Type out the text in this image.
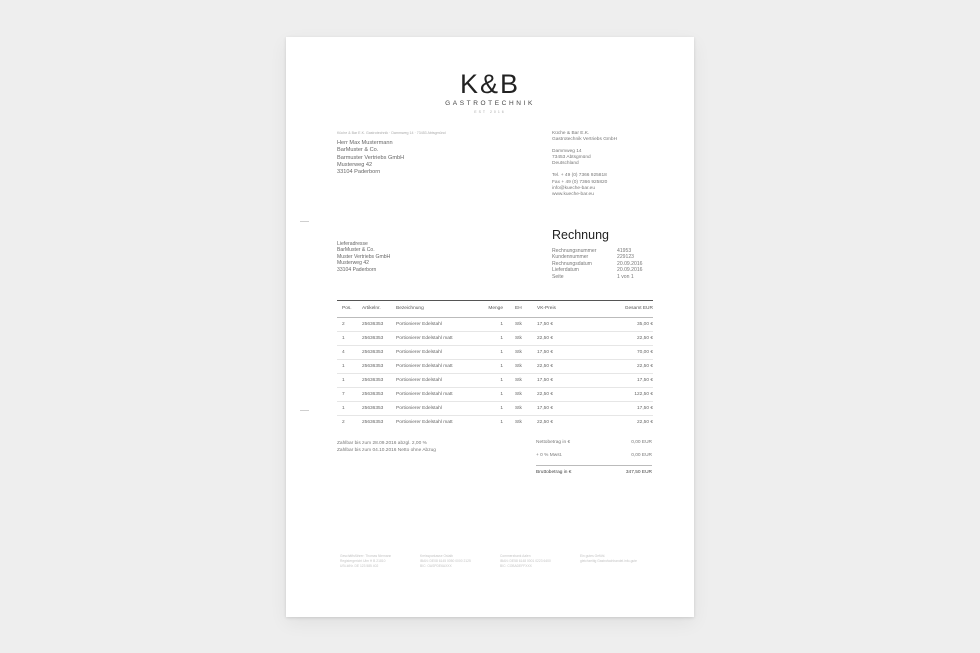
K&B
GASTROTECHNIK
EST 2016
Küche & Bar E.K. Gastrotechnik · Dammweg 14 · 73453 Abtsgmünd
Herr Max Mustermann
BarMuster & Co.
Barmuster Vertriebs GmbH
Musterweg 42
33104 Paderborn
Küche & Bar E.K.
Gastrotechnik Vertriebs GmbH
Dammweg 14
73453 Abtsgmünd
Deutschland
Tel. + 49 (0) 7366 925818
Fax + 49 (0) 7366 925820
info@kueche-bar.eu
www.kueche-bar.eu
Lieferadresse
BarMuster & Co.
Muster Vertriebs GmbH
Musterweg 42
33104 Paderborn
Rechnung
Rechnungsnummer	41953
Kundennummer	229123
Rechnungsdatum	20.09.2016
Lieferdatum	20.09.2016
Seite	1 von 1
Pos.	Artikelnr.	Bezeichnung	Menge	EH	VK-Preis	Gesamt EUR
2	25636353	Portionierer Edelstahl	1	Stk	17,50 €	35,00 €
1	25636353	Portionierer Edelstahl matt	1	Stk	22,50 €	22,50 €
4	25636353	Portionierer Edelstahl	1	Stk	17,50 €	70,00 €
1	25636353	Portionierer Edelstahl matt	1	Stk	22,50 €	22,50 €
1	25636353	Portionierer Edelstahl	1	Stk	17,50 €	17,50 €
7	25636353	Portionierer Edelstahl matt	1	Stk	22,50 €	122,50 €
1	25636353	Portionierer Edelstahl	1	Stk	17,50 €	17,50 €
2	25636353	Portionierer Edelstahl matt	1	Stk	22,50 €	22,50 €
Zahlbar bis zum 28.09.2016 abzgl. 2,00 %
Zahlbar bis zum 04.10.2016 Netto ohne Abzug
Nettobetrag in €	0,00 EUR
+ 0 % Mwst.	0,00 EUR
Bruttobetrag in €	347,50 EUR
Geschäftsführer: Thomas Niemann
Registergericht Ulm H B 21810
USt-IdNr. DE 123 585 402
Kreissparkasse Ostalb
IBAN: DE08 6145 0050 0000 2125
BIC: OASPDE6AXXX
Commerzbank Aalen
IBAN: DE58 6148 0001 0223 6400
BIC: COBADEFFXXX
Ein gutes Gefühl.
gleichzeitig Gastrofachhandel.info-gute
